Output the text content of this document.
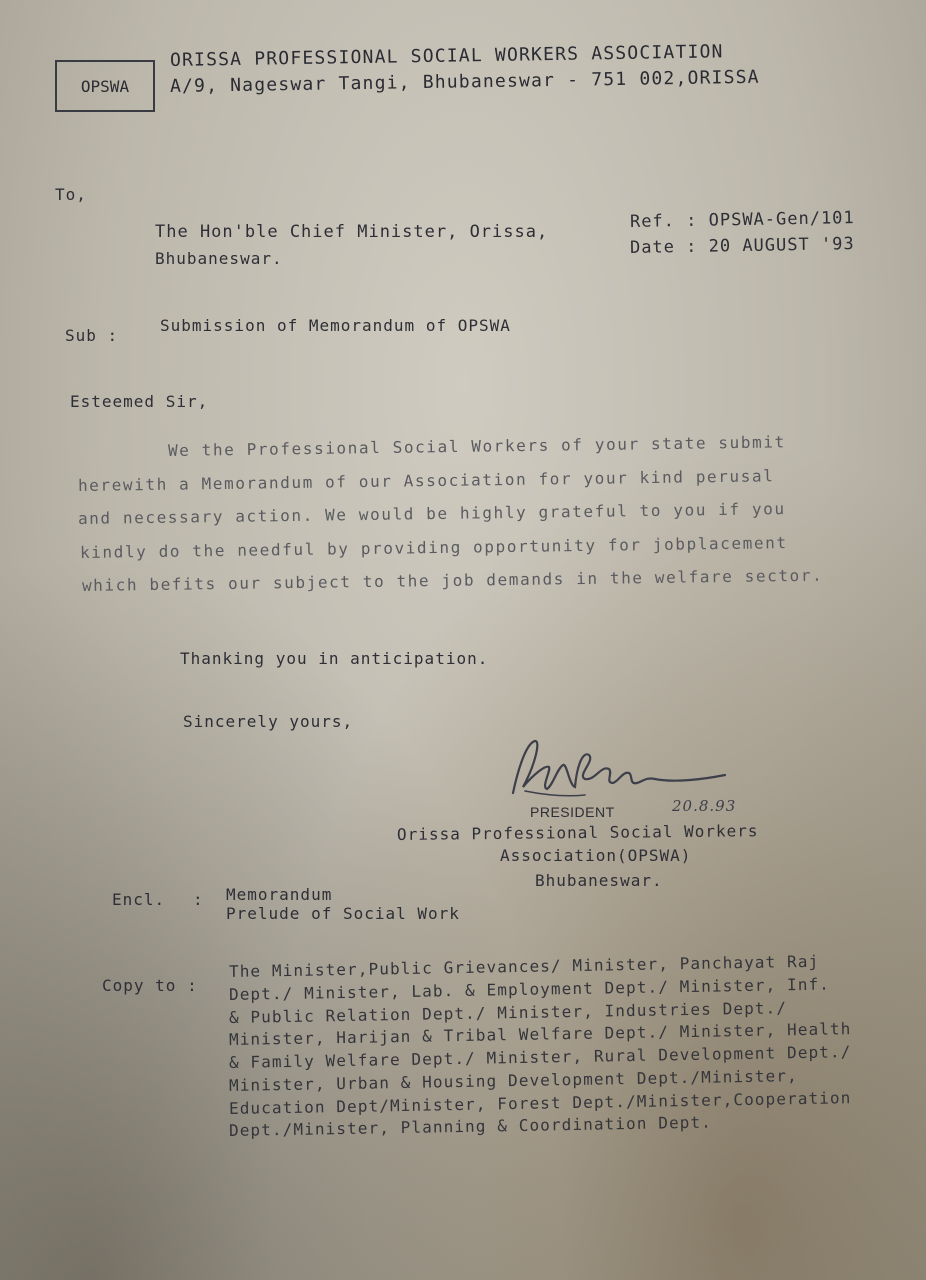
OPSWA
ORISSA PROFESSIONAL SOCIAL WORKERS ASSOCIATION
A/9, Nageswar Tangi, Bhubaneswar - 751 002,ORISSA
To,
The Hon'ble Chief Minister, Orissa,
Bhubaneswar.
Ref. : OPSWA-Gen/101
Date : 20 AUGUST '93
Sub :
Submission of Memorandum of OPSWA
Esteemed Sir,
We the Professional Social Workers of your state submit
herewith a Memorandum of our Association for your kind perusal
and necessary action. We would be highly grateful to you if you
kindly do the needful by providing opportunity for jobplacement
which befits our subject to the job demands in the welfare sector.
Thanking you in anticipation.
Sincerely yours,
20.8.93
PRESIDENT
Orissa Professional Social Workers
Association(OPSWA)
Bhubaneswar.
Encl. : Memorandum
Prelude of Social Work
Copy to :
The Minister,Public Grievances/ Minister, Panchayat Raj
Dept./ Minister, Lab. & Employment Dept./ Minister, Inf.
& Public Relation Dept./ Minister, Industries Dept./
Minister, Harijan & Tribal Welfare Dept./ Minister, Health
& Family Welfare Dept./ Minister, Rural Development Dept./
Minister, Urban & Housing Development Dept./Minister,
Education Dept/Minister, Forest Dept./Minister,Cooperation
Dept./Minister, Planning & Coordination Dept.
